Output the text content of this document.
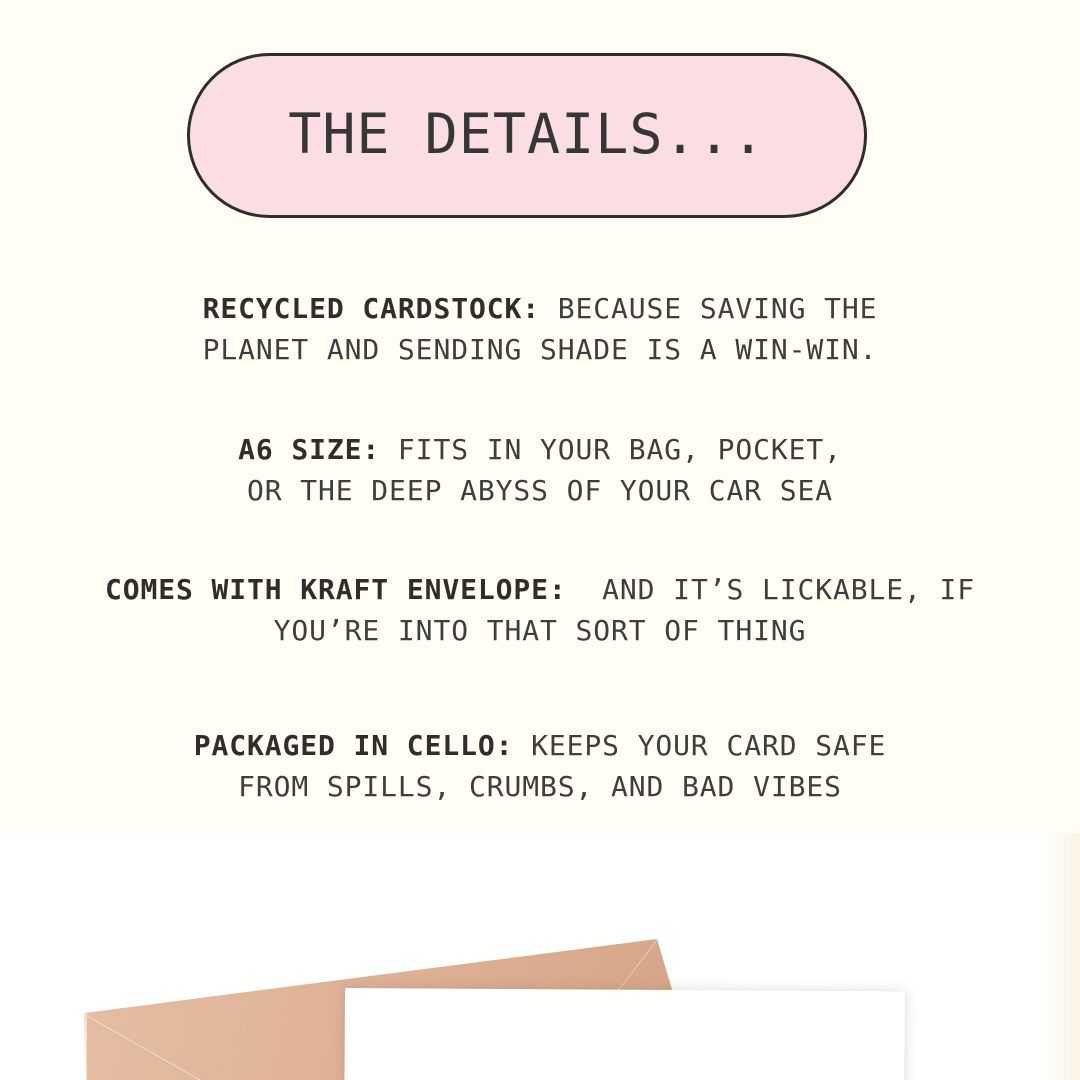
THE DETAILS...
RECYCLED CARDSTOCK: BECAUSE SAVING THE
PLANET AND SENDING SHADE IS A WIN-WIN.
A6 SIZE: FITS IN YOUR BAG, POCKET,
OR THE DEEP ABYSS OF YOUR CAR SEA
COMES WITH KRAFT ENVELOPE:  AND IT’S LICKABLE, IF
YOU’RE INTO THAT SORT OF THING
PACKAGED IN CELLO: KEEPS YOUR CARD SAFE
FROM SPILLS, CRUMBS, AND BAD VIBES
